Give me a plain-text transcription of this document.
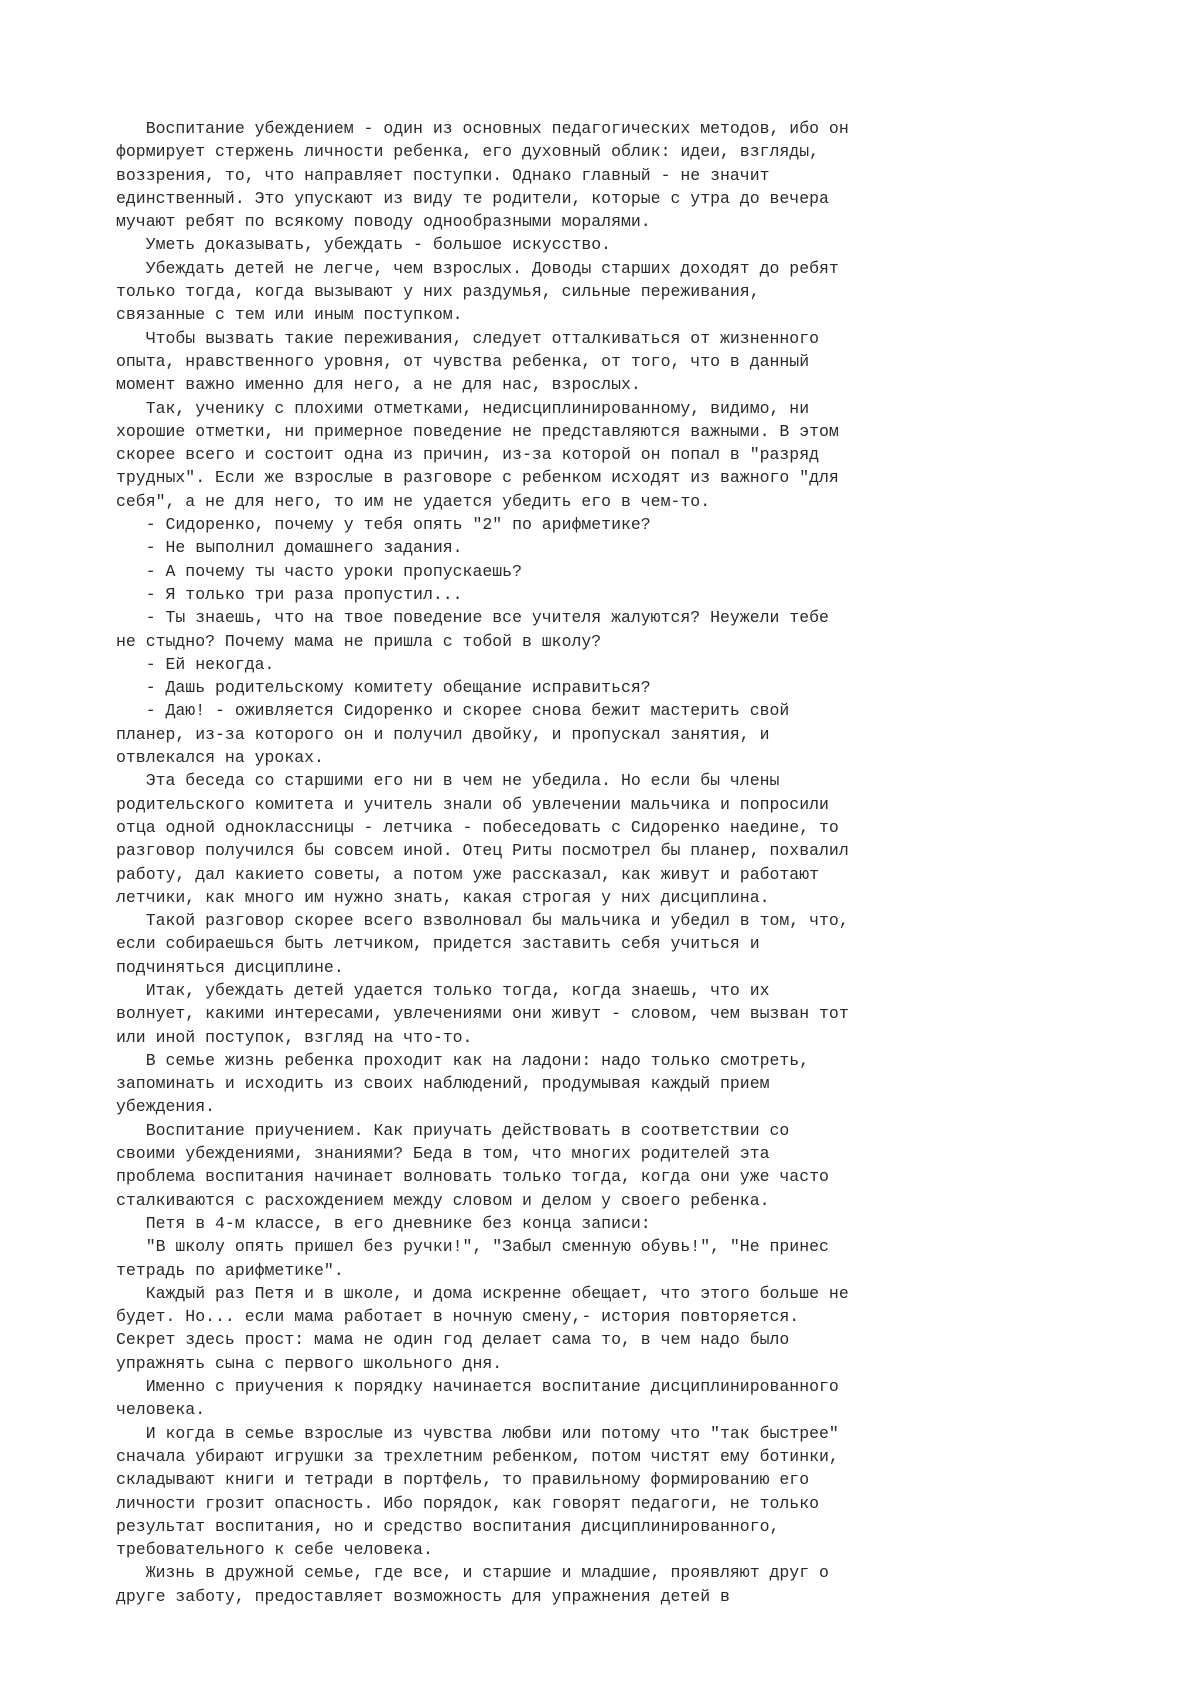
Воспитание убеждением - один из основных педагогических методов, ибо он
формирует стержень личности ребенка, его духовный облик: идеи, взгляды,
воззрения, то, что направляет поступки. Однако главный - не значит
единственный. Это упускают из виду те родители, которые с утра до вечера
мучают ребят по всякому поводу однообразными моралями.
Уметь доказывать, убеждать - большое искусство.
Убеждать детей не легче, чем взрослых. Доводы старших доходят до ребят
только тогда, когда вызывают у них раздумья, сильные переживания,
связанные с тем или иным поступком.
Чтобы вызвать такие переживания, следует отталкиваться от жизненного
опыта, нравственного уровня, от чувства ребенка, от того, что в данный
момент важно именно для него, а не для нас, взрослых.
Так, ученику с плохими отметками, недисциплинированному, видимо, ни
хорошие отметки, ни примерное поведение не представляются важными. В этом
скорее всего и состоит одна из причин, из-за которой он попал в "разряд
трудных". Если же взрослые в разговоре с ребенком исходят из важного "для
себя", а не для него, то им не удается убедить его в чем-то.
- Сидоренко, почему у тебя опять "2" по арифметике?
- Не выполнил домашнего задания.
- А почему ты часто уроки пропускаешь?
- Я только три раза пропустил...
- Ты знаешь, что на твое поведение все учителя жалуются? Неужели тебе
не стыдно? Почему мама не пришла с тобой в школу?
- Ей некогда.
- Дашь родительскому комитету обещание исправиться?
- Даю! - оживляется Сидоренко и скорее снова бежит мастерить свой
планер, из-за которого он и получил двойку, и пропускал занятия, и
отвлекался на уроках.
Эта беседа со старшими его ни в чем не убедила. Но если бы члены
родительского комитета и учитель знали об увлечении мальчика и попросили
отца одной одноклассницы - летчика - побеседовать с Сидоренко наедине, то
разговор получился бы совсем иной. Отец Риты посмотрел бы планер, похвалил
работу, дал какието советы, а потом уже рассказал, как живут и работают
летчики, как много им нужно знать, какая строгая у них дисциплина.
Такой разговор скорее всего взволновал бы мальчика и убедил в том, что,
если собираешься быть летчиком, придется заставить себя учиться и
подчиняться дисциплине.
Итак, убеждать детей удается только тогда, когда знаешь, что их
волнует, какими интересами, увлечениями они живут - словом, чем вызван тот
или иной поступок, взгляд на что-то.
В семье жизнь ребенка проходит как на ладони: надо только смотреть,
запоминать и исходить из своих наблюдений, продумывая каждый прием
убеждения.
Воспитание приучением. Как приучать действовать в соответствии со
своими убеждениями, знаниями? Беда в том, что многих родителей эта
проблема воспитания начинает волновать только тогда, когда они уже часто
сталкиваются с расхождением между словом и делом у своего ребенка.
Петя в 4-м классе, в его дневнике без конца записи:
"В школу опять пришел без ручки!", "Забыл сменную обувь!", "Не принес
тетрадь по арифметике".
Каждый раз Петя и в школе, и дома искренне обещает, что этого больше не
будет. Но... если мама работает в ночную смену,- история повторяется.
Секрет здесь прост: мама не один год делает сама то, в чем надо было
упражнять сына с первого школьного дня.
Именно с приучения к порядку начинается воспитание дисциплинированного
человека.
И когда в семье взрослые из чувства любви или потому что "так быстрее"
сначала убирают игрушки за трехлетним ребенком, потом чистят ему ботинки,
складывают книги и тетради в портфель, то правильному формированию его
личности грозит опасность. Ибо порядок, как говорят педагоги, не только
результат воспитания, но и средство воспитания дисциплинированного,
требовательного к себе человека.
Жизнь в дружной семье, где все, и старшие и младшие, проявляют друг о
друге заботу, предоставляет возможность для упражнения детей в
